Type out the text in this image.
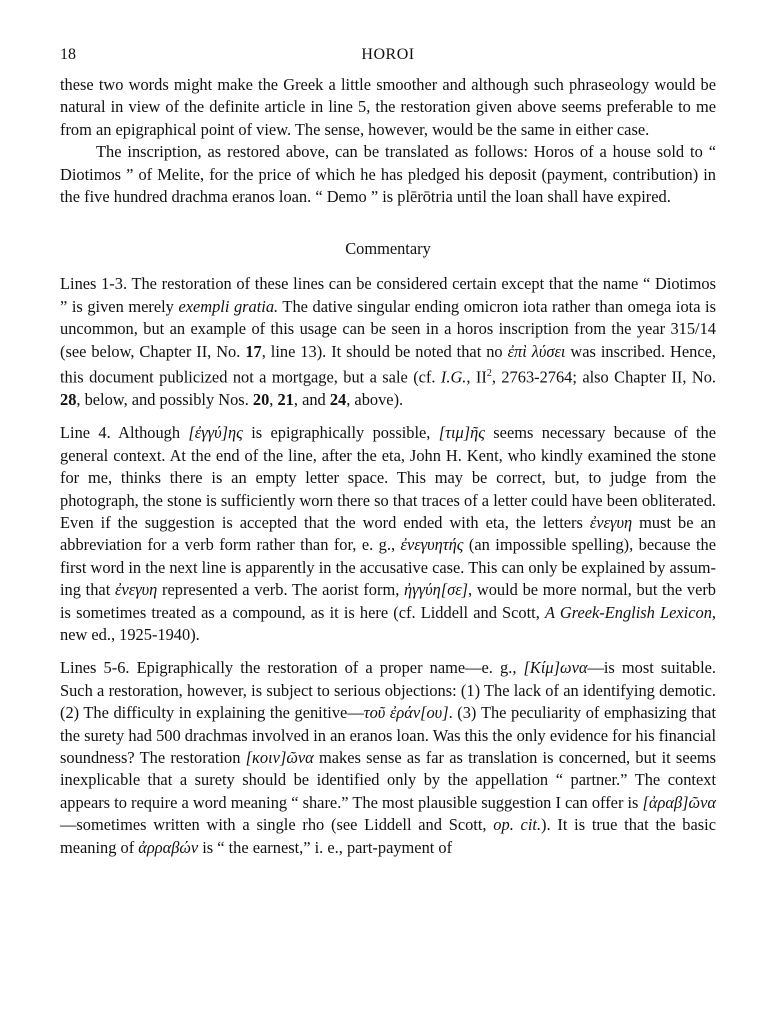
18	HOROI

these two words might make the Greek a little smoother and although such phraseology would be natural in view of the definite article in line 5, the restoration given above seems preferable to me from an epigraphical point of view. The sense, however, would be the same in either case.

The inscription, as restored above, can be translated as follows: Horos of a house sold to “ Diotimos ” of Melite, for the price of which he has pledged his deposit (payment, contribution) in the five hundred drachma eranos loan. “ Demo ” is plērōtria until the loan shall have expired.

Commentary

Lines 1-3. The restoration of these lines can be considered certain except that the name “ Diotimos ” is given merely exempli gratia. The dative singular ending omicron iota rather than omega iota is uncommon, but an example of this usage can be seen in a horos inscription from the year 315/14 (see below, Chapter II, No. 17, line 13). It should be noted that no ἐπὶ λύσει was inscribed. Hence, this document publicized not a mortgage, but a sale (cf. I.G., $II^2$, 2763-2764; also Chapter II, No. 28, below, and possibly Nos. 20, 21, and 24, above).

Line 4. Although [ἐγγύ]ης is epigraphically possible, [τιμ]ῆς seems necessary because of the general context. At the end of the line, after the eta, John H. Kent, who kindly examined the stone for me, thinks there is an empty letter space. This may be correct, but, to judge from the photograph, the stone is sufficiently worn there so that traces of a letter could have been obliterated. Even if the suggestion is accepted that the word ended with eta, the letters ἐνεγυη must be an abbreviation for a verb form rather than for, e. g., ἐνεγυητής (an impossible spelling), because the first word in the next line is apparently in the accusative case. This can only be explained by assuming that ἐνεγυη represented a verb. The aorist form, ἠγγύη[σε], would be more normal, but the verb is sometimes treated as a compound, as it is here (cf. Liddell and Scott, A Greek-English Lexicon, new ed., 1925-1940).

Lines 5-6. Epigraphically the restoration of a proper name—e. g., [Κίμ]ωνα—is most suitable. Such a restoration, however, is subject to serious objections: (1) The lack of an identifying demotic. (2) The difficulty in explaining the genitive—τοῦ ἐράν[ου]. (3) The peculiarity of emphasizing that the surety had 500 drachmas involved in an eranos loan. Was this the only evidence for his financial soundness? The restoration [κοιν]ῶνα makes sense as far as translation is concerned, but it seems inexplicable that a surety should be identified only by the appellation “ partner.” The context appears to require a word meaning “ share.” The most plausible suggestion I can offer is [ἀραβ]ῶνα—sometimes written with a single rho (see Liddell and Scott, op. cit.). It is true that the basic meaning of ἀρραβών is “ the earnest,” i. e., part-payment of
